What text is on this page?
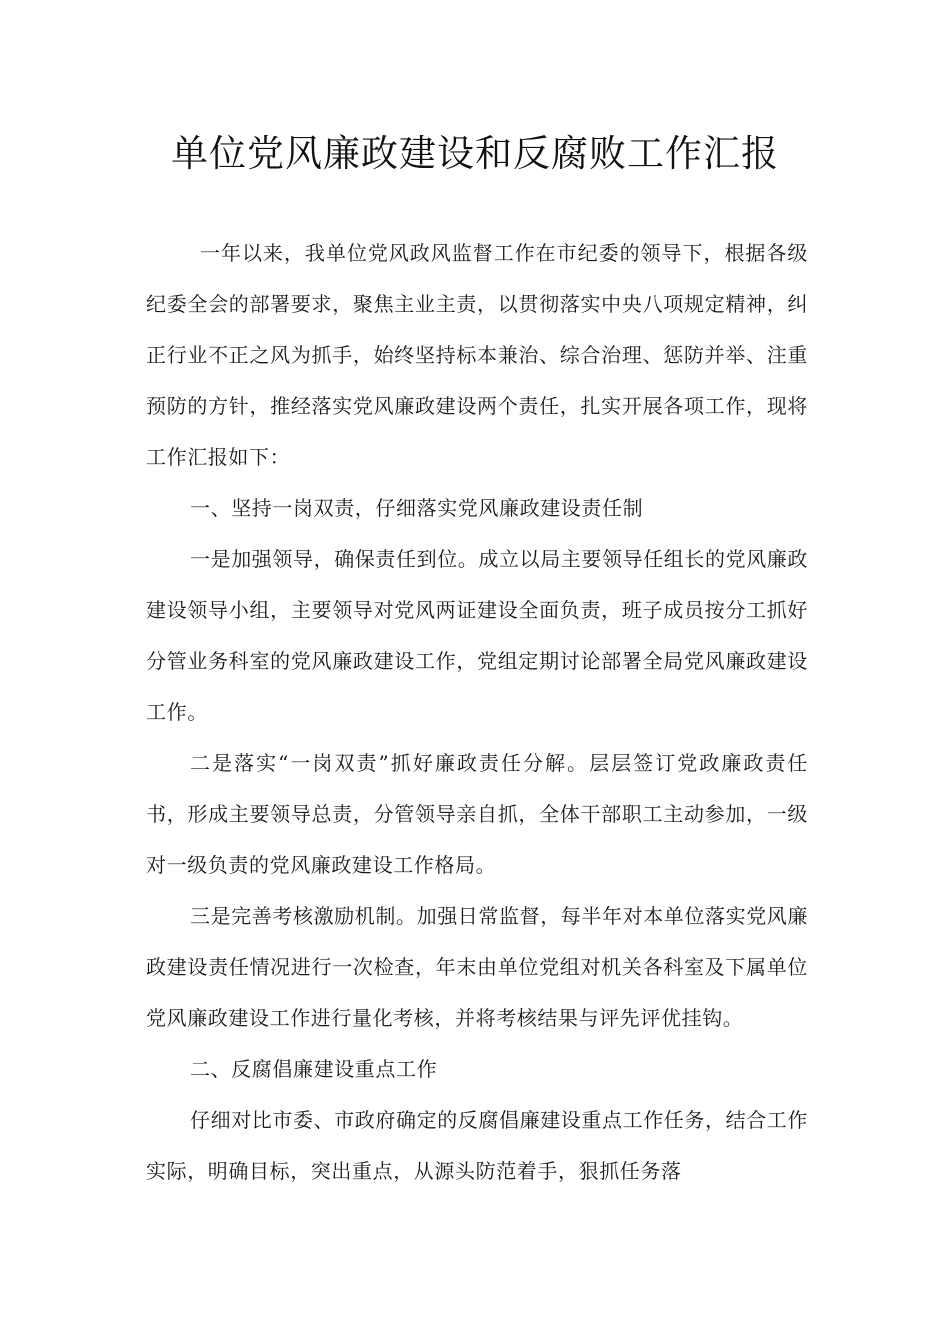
单位党风廉政建设和反腐败工作汇报

一年以来，我单位党风政风监督工作在市纪委的领导下，根据各级纪委全会的部署要求，聚焦主业主责，以贯彻落实中央八项规定精神，纠正行业不正之风为抓手，始终坚持标本兼治、综合治理、惩防并举、注重预防的方针，推经落实党风廉政建设两个责任，扎实开展各项工作，现将工作汇报如下：

一、坚持一岗双责，仔细落实党风廉政建设责任制

一是加强领导，确保责任到位。成立以局主要领导任组长的党风廉政建设领导小组，主要领导对党风两证建设全面负责，班子成员按分工抓好分管业务科室的党风廉政建设工作，党组定期讨论部署全局党风廉政建设工作。

二是落实“一岗双责”抓好廉政责任分解。层层签订党政廉政责任书，形成主要领导总责，分管领导亲自抓，全体干部职工主动参加，一级对一级负责的党风廉政建设工作格局。

三是完善考核激励机制。加强日常监督，每半年对本单位落实党风廉政建设责任情况进行一次检查，年末由单位党组对机关各科室及下属单位党风廉政建设工作进行量化考核，并将考核结果与评先评优挂钩。

二、反腐倡廉建设重点工作

仔细对比市委、市政府确定的反腐倡廉建设重点工作任务，结合工作实际，明确目标，突出重点，从源头防范着手，狠抓任务落
